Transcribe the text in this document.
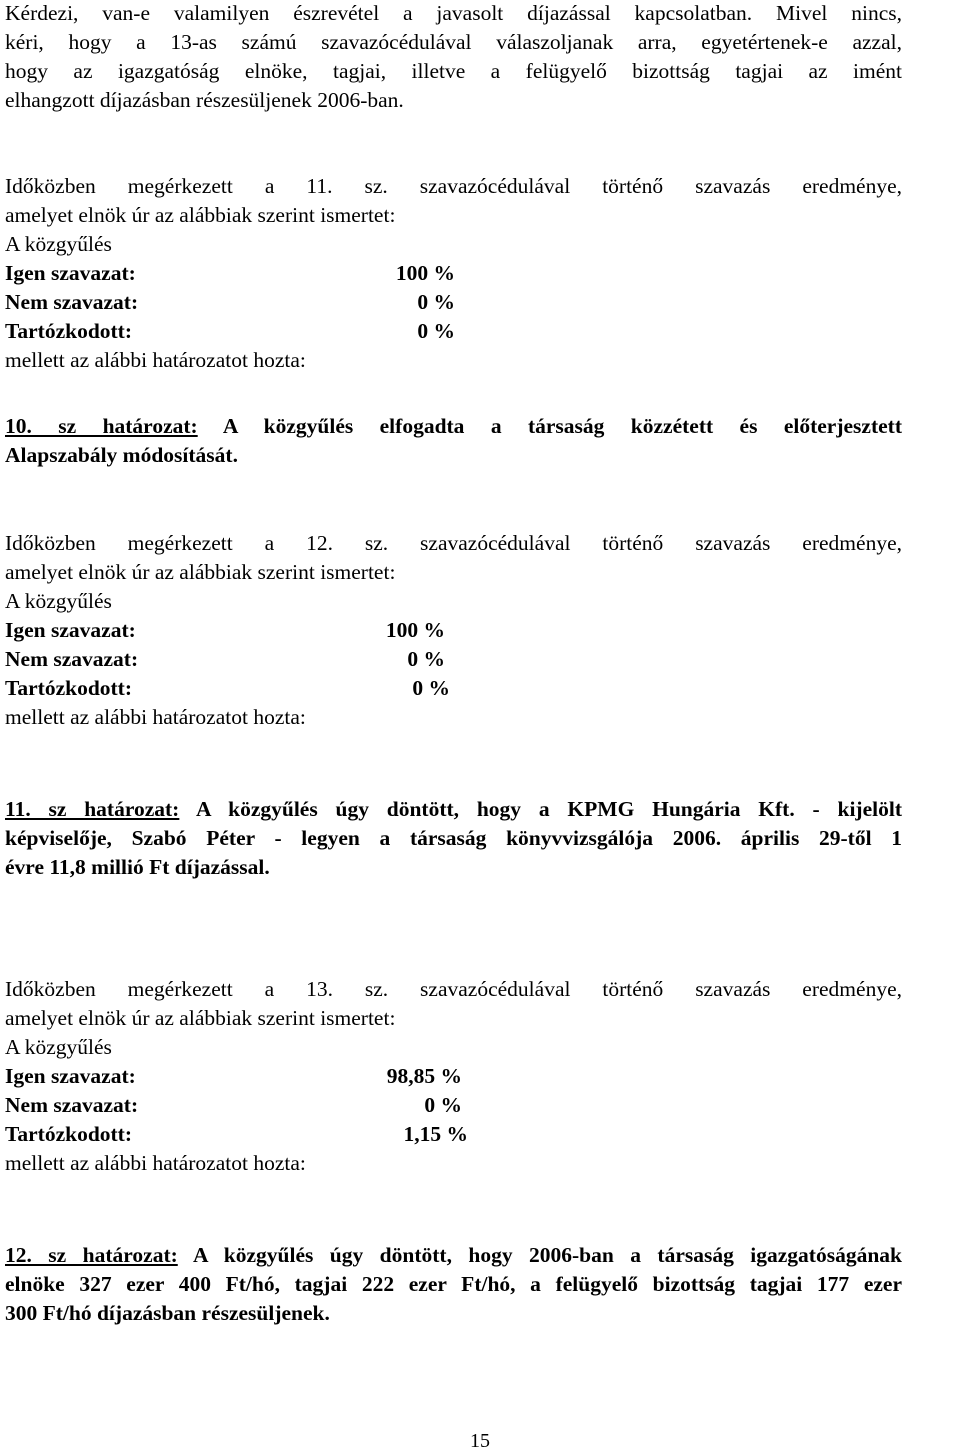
Kérdezi, van-e valamilyen észrevétel a javasolt díjazással kapcsolatban. Mivel nincs,
kéri, hogy a 13-as számú szavazócédulával válaszoljanak arra, egyetértenek-e azzal,
hogy az igazgatóság elnöke, tagjai, illetve a felügyelő bizottság tagjai az imént
elhangzott díjazásban részesüljenek 2006-ban.
Időközben megérkezett a 11. sz. szavazócédulával történő szavazás eredménye,
amelyet elnök úr az alábbiak szerint ismertet:
A közgyűlés
Igen szavazat:	100 %
Nem szavazat:	0 %
Tartózkodott:	0 %
mellett az alábbi határozatot hozta:
10. sz határozat: A közgyűlés elfogadta a társaság közzétett és előterjesztett
Alapszabály módosítását.
Időközben megérkezett a 12. sz. szavazócédulával történő szavazás eredménye,
amelyet elnök úr az alábbiak szerint ismertet:
A közgyűlés
Igen szavazat:	100 %
Nem szavazat:	0 %
Tartózkodott:	0 %
mellett az alábbi határozatot hozta:
11. sz határozat: A közgyűlés úgy döntött, hogy a KPMG Hungária Kft. - kijelölt
képviselője, Szabó Péter - legyen a társaság könyvvizsgálója 2006. április 29-től 1
évre 11,8 millió Ft díjazással.
Időközben megérkezett a 13. sz. szavazócédulával történő szavazás eredménye,
amelyet elnök úr az alábbiak szerint ismertet:
A közgyűlés
Igen szavazat:	98,85 %
Nem szavazat:	0 %
Tartózkodott:	1,15 %
mellett az alábbi határozatot hozta:
12. sz határozat: A közgyűlés úgy döntött, hogy 2006-ban a társaság igazgatóságának
elnöke 327 ezer 400 Ft/hó, tagjai 222 ezer Ft/hó, a felügyelő bizottság tagjai 177 ezer
300 Ft/hó díjazásban részesüljenek.
15
